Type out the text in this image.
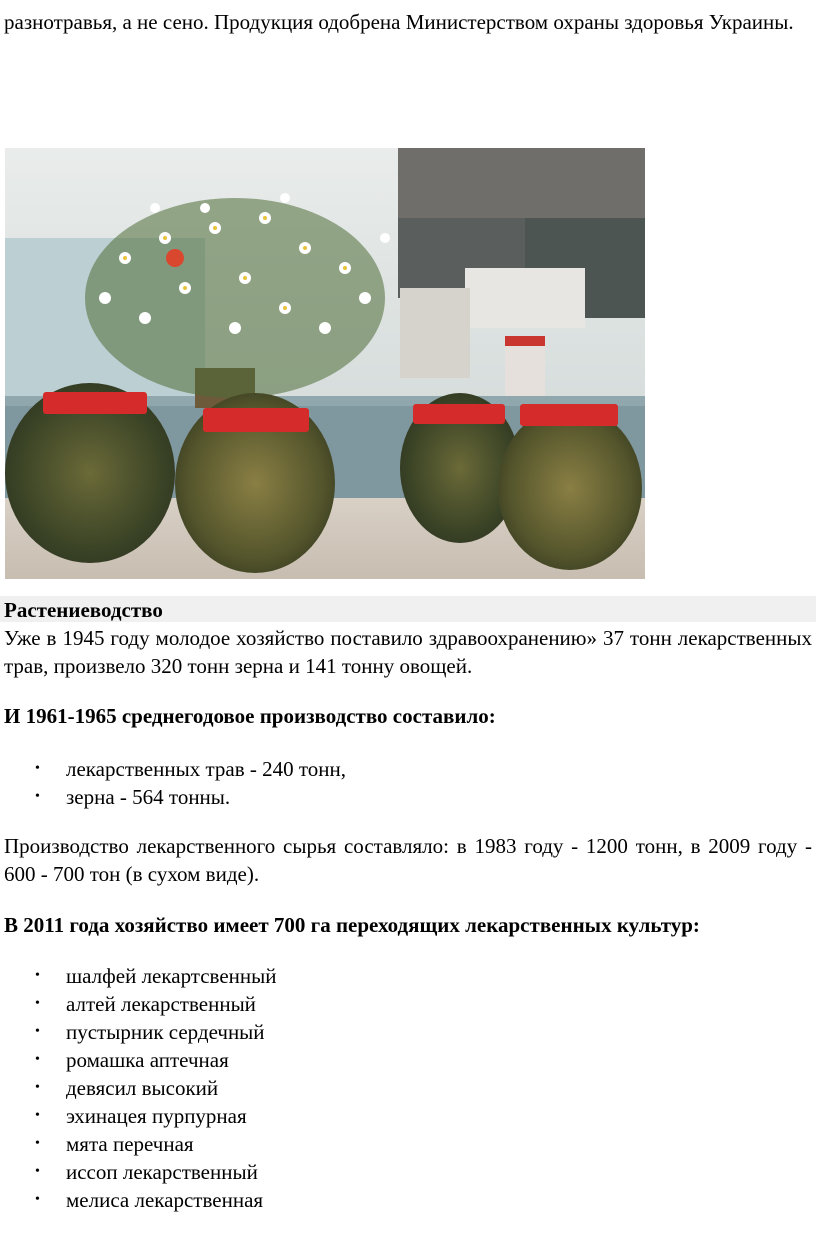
разнотравья, а не сено. Продукция одобрена Министерством охраны здоровья Украины.

Растениеводство

Уже в 1945 году молодое хозяйство поставило здравоохранению» 37 тонн лекарственных трав, произвело 320 тонн зерна и 141 тонну овощей.

И 1961-1965 среднегодовое производство составило:

• лекарственных трав - 240 тонн,
• зерна - 564 тонны.

Производство лекарственного сырья составляло: в 1983 году - 1200 тонн, в 2009 году - 600 - 700 тон (в сухом виде).

В 2011 года хозяйство имеет 700 га переходящих лекарственных культур:

• шалфей лекартсвенный
• алтей лекарственный
• пустырник сердечный
• ромашка аптечная
• девясил высокий
• эхинацея пурпурная
• мята перечная
• иссоп лекарственный
• мелиса лекарственная
